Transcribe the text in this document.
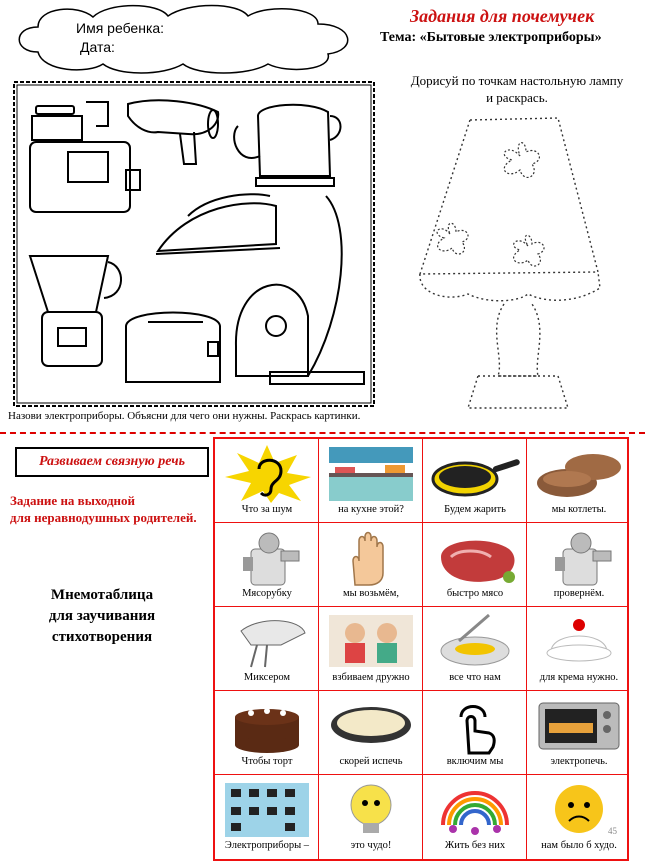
Имя ребенка:
Дата:
Задания для почемучек
Тема: «Бытовые электроприборы»
Назови электроприборы. Объясни для чего они нужны. Раскрась картинки.
Дорисуй по точкам настольную лампу
и раскрась.
Развиваем связную речь
Задание на выходной
для неравнодушных родителей.
Мнемотаблица
для заучивания
стихотворения
Что за шум	на кухне этой?	Будем жарить	мы котлеты.
Мясорубку	мы возьмём,	быстро мясо	провернём.
Миксером	взбиваем дружно	все что нам	для крема нужно.
Чтобы торт	скорей испечь	включим мы	электропечь.
Электроприборы –	это чудо!	Жить без них	нам было б худо.
45
